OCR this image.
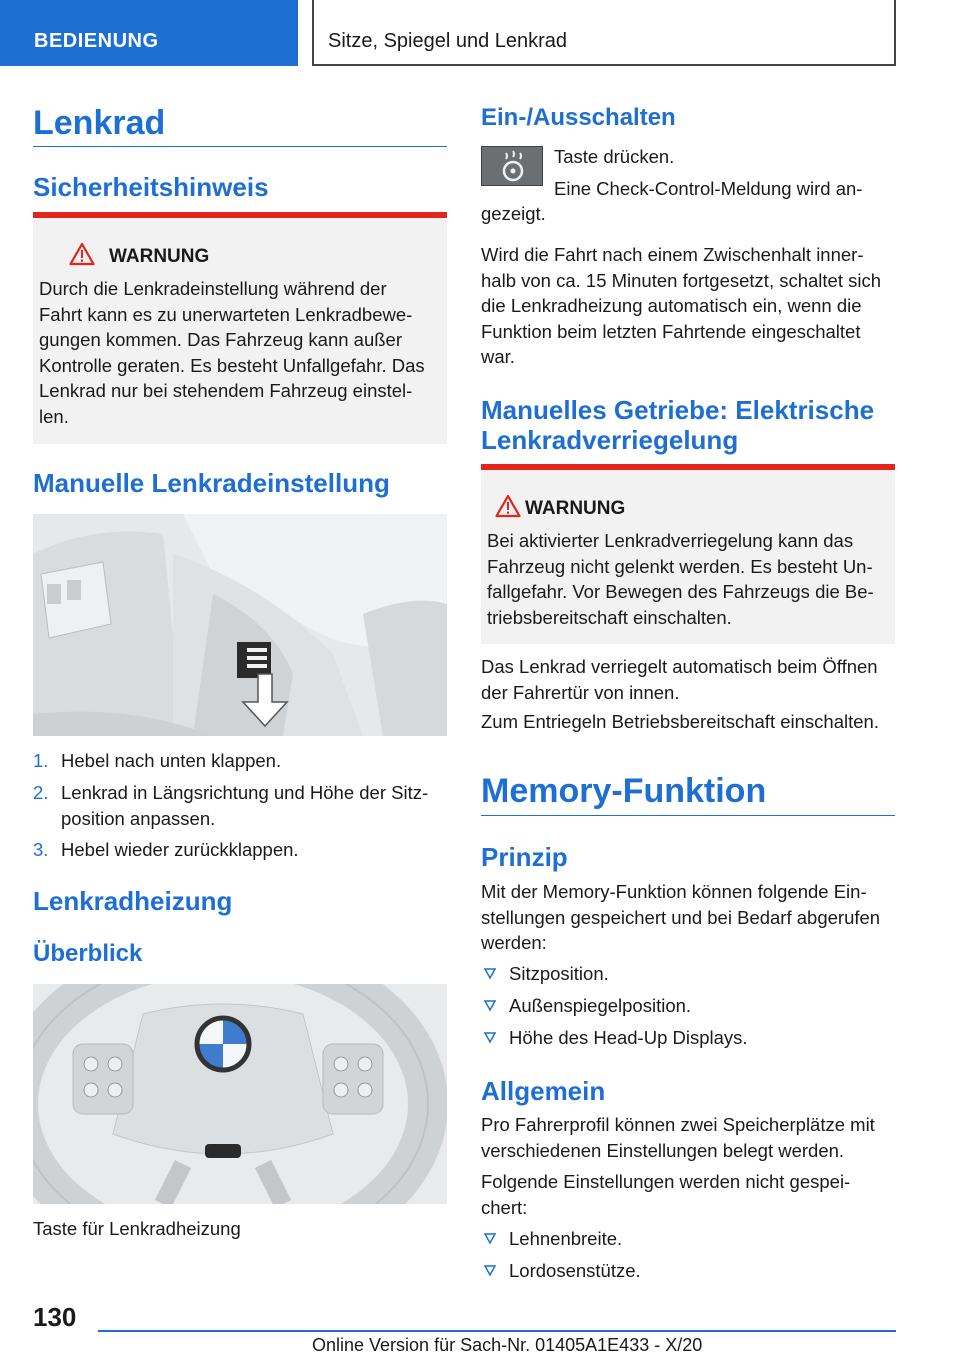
BEDIENUNG	Sitze, Spiegel und Lenkrad
Lenkrad
Sicherheitshinweis
WARNUNG
Durch die Lenkradeinstellung während der
Fahrt kann es zu unerwarteten Lenkradbewe-
gungen kommen. Das Fahrzeug kann außer
Kontrolle geraten. Es besteht Unfallgefahr. Das
Lenkrad nur bei stehendem Fahrzeug einstel-
len.
Manuelle Lenkradeinstellung
1. Hebel nach unten klappen.
2. Lenkrad in Längsrichtung und Höhe der Sitz-
position anpassen.
3. Hebel wieder zurückklappen.
Lenkradheizung
Überblick
Taste für Lenkradheizung
Ein-/Ausschalten
Taste drücken.
Eine Check-Control-Meldung wird an-
gezeigt.
Wird die Fahrt nach einem Zwischenhalt inner-
halb von ca. 15 Minuten fortgesetzt, schaltet sich
die Lenkradheizung automatisch ein, wenn die
Funktion beim letzten Fahrtende eingeschaltet
war.
Manuelles Getriebe: Elektrische
Lenkradverriegelung
WARNUNG
Bei aktivierter Lenkradverriegelung kann das
Fahrzeug nicht gelenkt werden. Es besteht Un-
fallgefahr. Vor Bewegen des Fahrzeugs die Be-
triebsbereitschaft einschalten.
Das Lenkrad verriegelt automatisch beim Öffnen
der Fahrertür von innen.
Zum Entriegeln Betriebsbereitschaft einschalten.
Memory-Funktion
Prinzip
Mit der Memory-Funktion können folgende Ein-
stellungen gespeichert und bei Bedarf abgerufen
werden:
Sitzposition.
Außenspiegelposition.
Höhe des Head-Up Displays.
Allgemein
Pro Fahrerprofil können zwei Speicherplätze mit
verschiedenen Einstellungen belegt werden.
Folgende Einstellungen werden nicht gespei-
chert:
Lehnenbreite.
Lordosenstütze.
130
Online Version für Sach-Nr. 01405A1E433 - X/20
